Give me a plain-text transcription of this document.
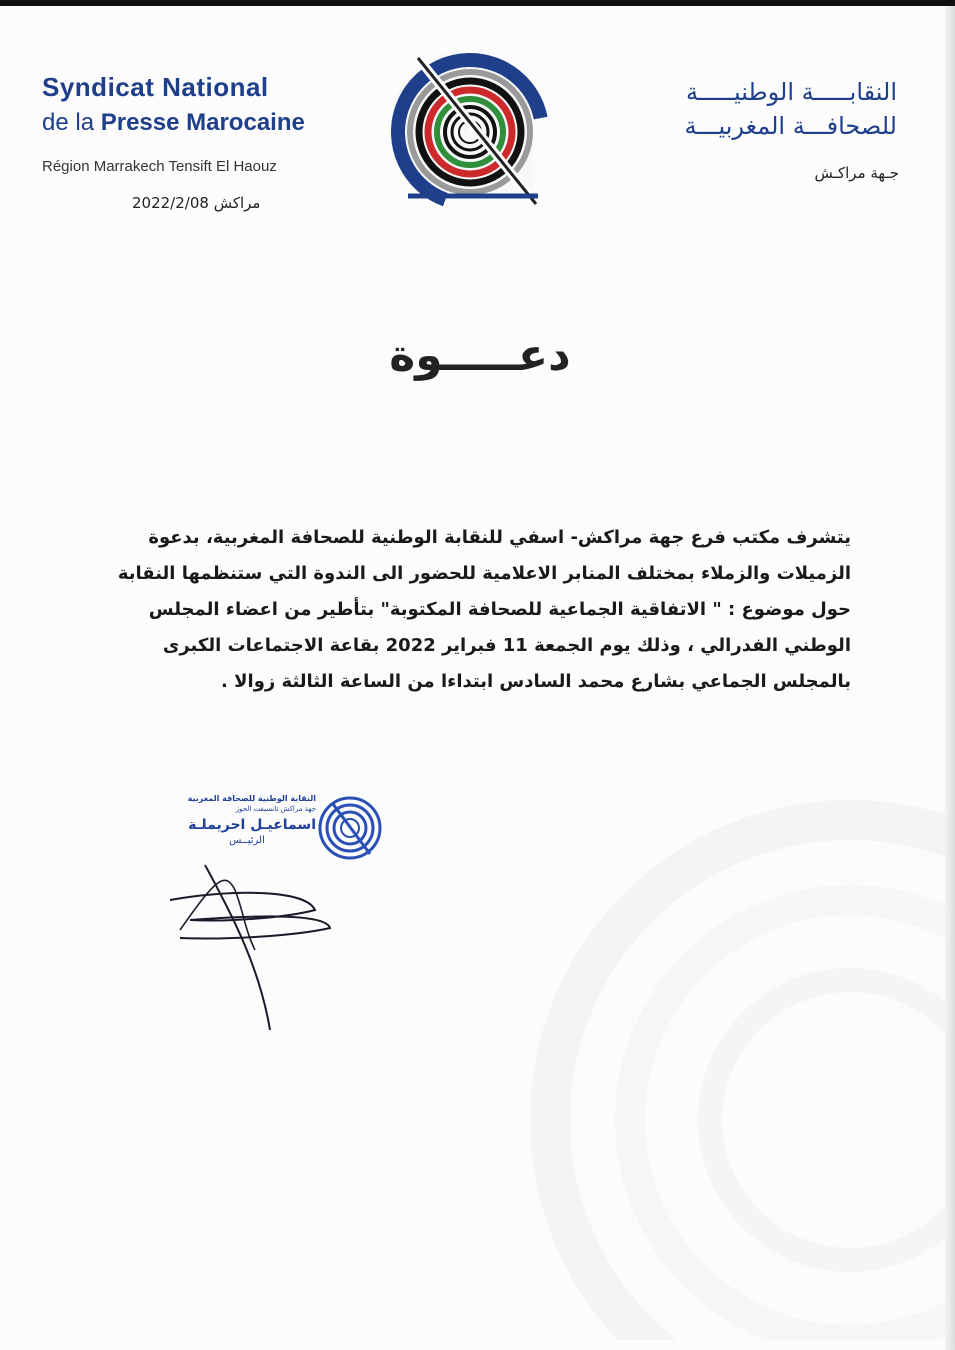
Syndicat National
de la Presse Marocaine
Région Marrakech Tensift El Haouz
مراكش 2022/2/08
النقابـــــة الوطنيـــــة
للصحافـــة المغربيـــة
جـهة مراكـش
دعـــــوة

يتشرف مكتب فرع جهة مراكش- اسفي للنقابة الوطنية للصحافة المغربية، بدعوة

الزميلات والزملاء بمختلف المنابر الاعلامية للحضور الى الندوة التي ستنظمها النقابة

حول موضوع : " الاتفاقية الجماعية للصحافة المكتوبة" بتأطير من اعضاء المجلس

الوطني الفدرالي ، وذلك يوم الجمعة 11 فبراير 2022 بقاعة الاجتماعات الكبرى

بالمجلس الجماعي بشارع محمد السادس ابتداءا من الساعة الثالثة زوالا .

النقابة الوطنية للصحافة المغربية
جهة مراكش تانسيفت الحوز
اسماعيـل احريملـة
الرئيــس
